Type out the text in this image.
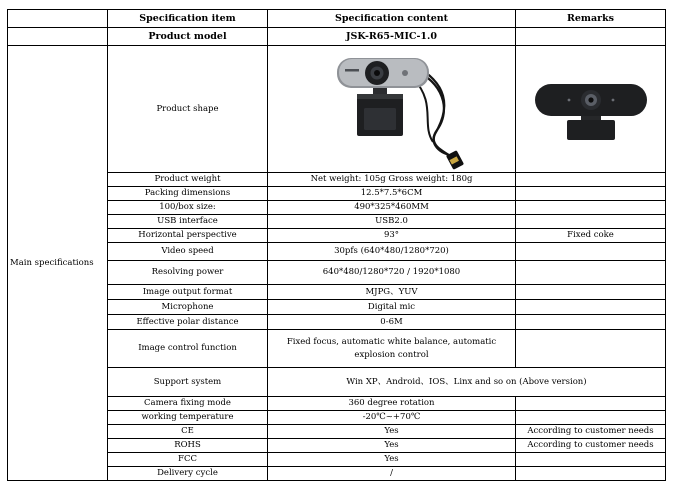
	Specification item	Specification content	Remarks
	Product model	JSK-R65-MIC-1.0	
Main specifications	Product shape	

	Product weight	Net weight: 105g Gross weight: 180g	
	Packing dimensions	12.5*7.5*6CM	
	100/box size:	490*325*460MM	
	USB interface	USB2.0	
	Horizontal perspective	93°	Fixed coke
	Video speed	30pfs (640*480/1280*720)	
	Resolving power	640*480/1280*720 / 1920*1080	
	Image output format	MJPG、YUV	
	Microphone	Digital mic	
	Effective polar distance	0-6M	
	Image control function	Fixed focus, automatic white balance, automatic explosion control	
	Support system	Win XP、Android、IOS、Linx and so on (Above version)	
	Camera fixing mode	360 degree rotation	
	working temperature	-20℃~+70℃	
	CE	Yes	According to customer needs
	ROHS	Yes	According to customer needs
	FCC	Yes	
	Delivery cycle	/	
